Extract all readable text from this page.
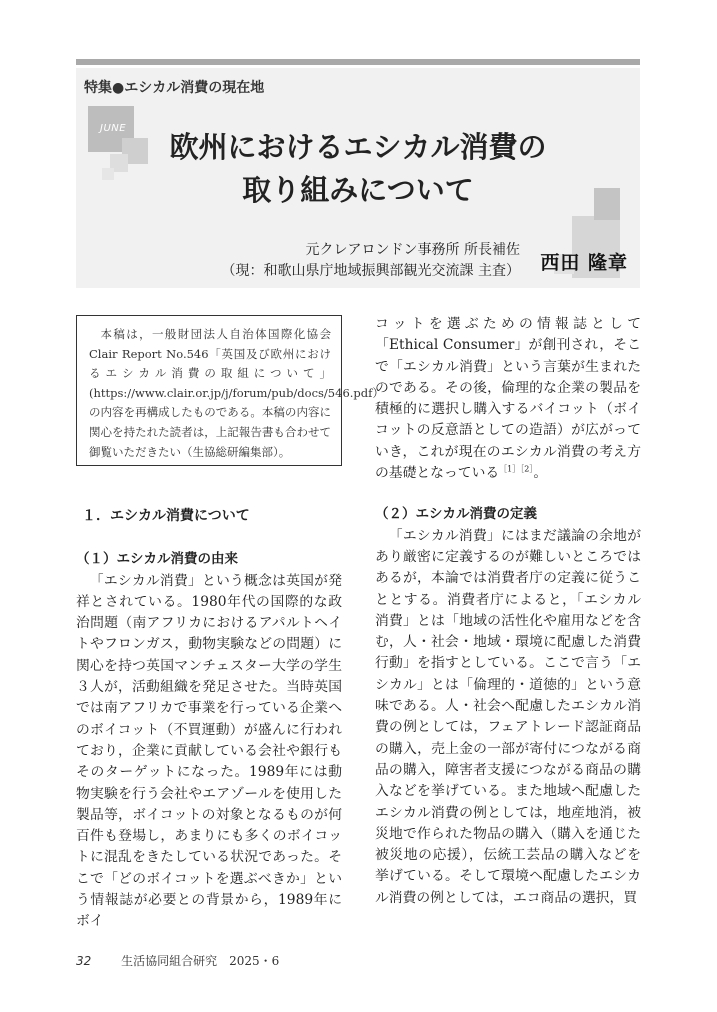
特集●エシカル消費の現在地
JUNE
欧州におけるエシカル消費の
取り組みについて
元クレアロンドン事務所 所長補佐
（現：和歌山県庁地域振興部観光交流課 主査） 西田 隆章
本稿は，一般財団法人自治体国際化協会Clair Report No.546「英国及び欧州におけるエシカル消費の取組について」(https://www.clair.or.jp/j/forum/pub/docs/546.pdf）の内容を再構成したものである。本稿の内容に関心を持たれた読者は，上記報告書も合わせて御覧いただきたい（生協総研編集部）。
１．エシカル消費について
（１）エシカル消費の由来

「エシカル消費」という概念は英国が発祥とされている。1980年代の国際的な政治問題（南アフリカにおけるアパルトヘイトやフロンガス，動物実験などの問題）に関心を持つ英国マンチェスター大学の学生３人が，活動組織を発足させた。当時英国では南アフリカで事業を行っている企業へのボイコット（不買運動）が盛んに行われており，企業に貢献している会社や銀行もそのターゲットになった。1989年には動物実験を行う会社やエアゾールを使用した製品等，ボイコットの対象となるものが何百件も登場し，あまりにも多くのボイコットに混乱をきたしている状況であった。そこで「どのボイコットを選ぶべきか」という情報誌が必要との背景から，1989年にボイ

コットを選ぶための情報誌として「Ethical Consumer」が創刊され，そこで「エシカル消費」という言葉が生まれたのである。その後，倫理的な企業の製品を積極的に選択し購入するバイコット（ボイコットの反意語としての造語）が広がっていき，これが現在のエシカル消費の考え方の基礎となっている$^{[1][2]}$。

（２）エシカル消費の定義

「エシカル消費」にはまだ議論の余地があり厳密に定義するのが難しいところではあるが，本論では消費者庁の定義に従うこととする。消費者庁によると，「エシカル消費」とは「地域の活性化や雇用などを含む，人・社会・地域・環境に配慮した消費行動」を指すとしている。ここで言う「エシカル」とは「倫理的・道徳的」という意味である。人・社会へ配慮したエシカル消費の例としては，フェアトレード認証商品の購入，売上金の一部が寄付につながる商品の購入，障害者支援につながる商品の購入などを挙げている。また地域へ配慮したエシカル消費の例としては，地産地消，被災地で作られた物品の購入（購入を通じた被災地の応援），伝統工芸品の購入などを挙げている。そして環境へ配慮したエシカル消費の例としては，エコ商品の選択，買

32 生活協同組合研究　2025・6
